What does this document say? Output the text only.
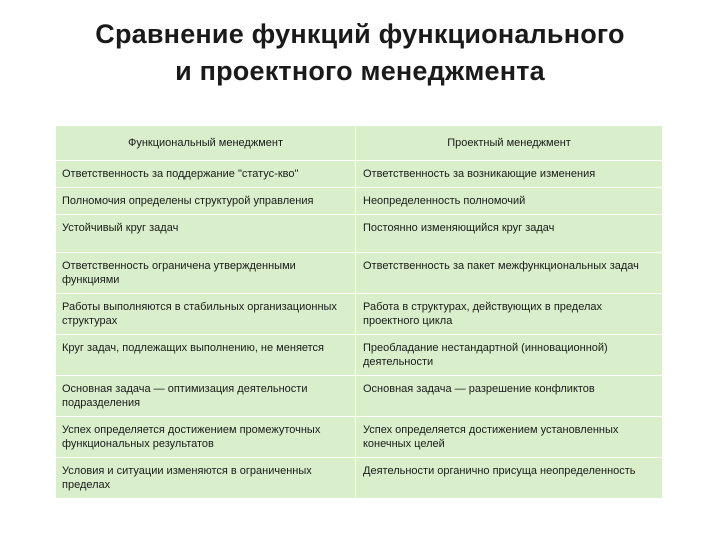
Сравнение функций функционального
и проектного менеджмента
Функциональный менеджмент	Проектный менеджмент

Ответственность за поддержание "статус-кво"	Ответственность за возникающие изменения

Полномочия определены структурой управления	Неопределенность полномочий

Устойчивый круг задач	Постоянно изменяющийся круг задач

Ответственность ограничена утвержденными функциями	Ответственность за пакет межфункциональных задач

Работы выполняются в стабильных организационных структурах	Работа в структурах, действующих в пределах проектного цикла

Круг задач, подлежащих выполнению, не меняется	Преобладание нестандартной (инновационной) деятельности

Основная задача — оптимизация деятельности подразделения	Основная задача — разрешение конфликтов

Успех определяется достижением промежуточных функциональных результатов	Успех определяется достижением установленных конечных целей

Условия и ситуации изменяются в ограниченных пределах	Деятельности органично присуща неопределенность
